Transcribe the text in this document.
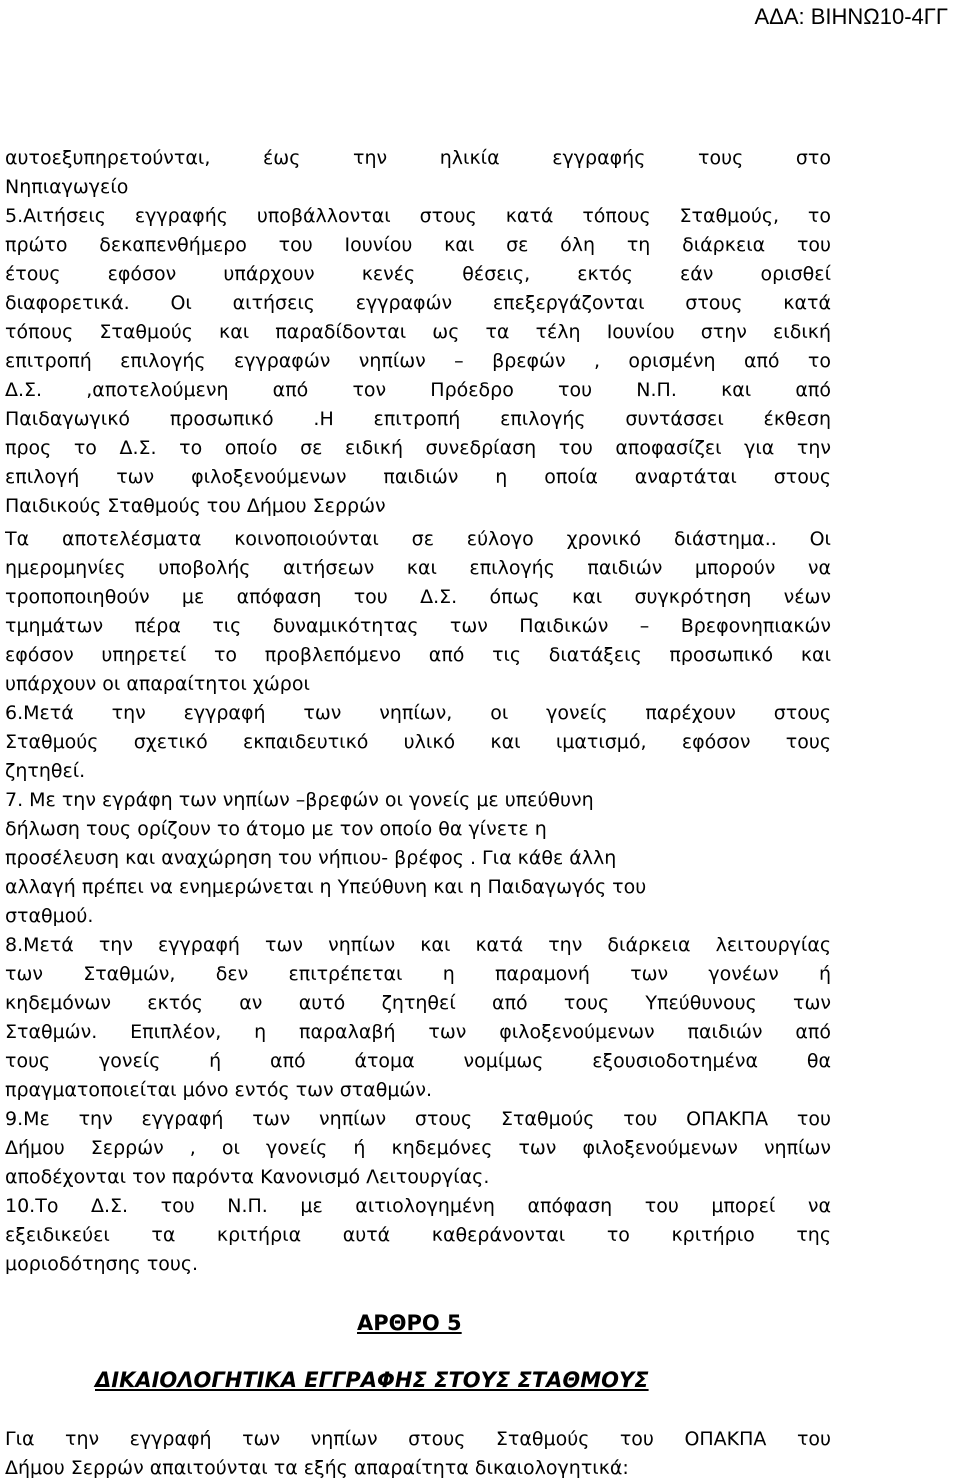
ΑΔΑ: ΒΙΗΝΩ10-4ΓΓ
αυτοεξυπηρετούνται, έως την ηλικία εγγραφής τους στο
Νηπιαγωγείο
5.Αιτήσεις εγγραφής υποβάλλονται στους κατά τόπους Σταθμούς, το
πρώτο δεκαπενθήμερο του Ιουνίου και σε όλη τη διάρκεια του
έτους εφόσον υπάρχουν κενές θέσεις, εκτός εάν ορισθεί
διαφορετικά. Οι αιτήσεις εγγραφών επεξεργάζονται στους κατά
τόπους Σταθμούς και παραδίδονται ως τα τέλη Ιουνίου στην ειδική
επιτροπή επιλογής εγγραφών νηπίων – βρεφών , ορισμένη από το
Δ.Σ. ,αποτελούμενη από τον Πρόεδρο του Ν.Π. και από
Παιδαγωγικό προσωπικό .Η επιτροπή επιλογής συντάσσει έκθεση
προς το Δ.Σ. το οποίο σε ειδική συνεδρίαση του αποφασίζει για την
επιλογή των φιλοξενούμενων παιδιών η οποία αναρτάται στους
Παιδικούς Σταθμούς του Δήμου Σερρών
Τα αποτελέσματα κοινοποιούνται σε εύλογο χρονικό διάστημα.. Οι
ημερομηνίες υποβολής αιτήσεων και επιλογής παιδιών μπορούν να
τροποποιηθούν με απόφαση του Δ.Σ. όπως και συγκρότηση νέων
τμημάτων πέρα τις δυναμικότητας των Παιδικών – Βρεφονηπιακών
εφόσον υπηρετεί το προβλεπόμενο από τις διατάξεις προσωπικό και
υπάρχουν οι απαραίτητοι χώροι
6.Μετά την εγγραφή των νηπίων, οι γονείς παρέχουν στους
Σταθμούς σχετικό εκπαιδευτικό υλικό και ιματισμό, εφόσον τους
ζητηθεί.
7. Με την εγράφη των νηπίων –βρεφών οι γονείς με υπεύθυνη
δήλωση τους ορίζουν το άτομο με τον οποίο θα γίνετε η
προσέλευση και αναχώρηση του νήπιου- βρέφος . Για κάθε άλλη
αλλαγή πρέπει να ενημερώνεται η Υπεύθυνη και η Παιδαγωγός του
σταθμού.
8.Μετά την εγγραφή των νηπίων και κατά την διάρκεια λειτουργίας
των Σταθμών, δεν επιτρέπεται η παραμονή των γονέων ή
κηδεμόνων εκτός αν αυτό ζητηθεί από τους Υπεύθυνους των
Σταθμών. Επιπλέον, η παραλαβή των φιλοξενούμενων παιδιών από
τους γονείς ή από άτομα νομίμως εξουσιοδοτημένα θα
πραγματοποιείται μόνο εντός των σταθμών.
9.Με την εγγραφή των νηπίων στους Σταθμούς του ΟΠΑΚΠΑ του
Δήμου Σερρών , οι γονείς ή κηδεμόνες των φιλοξενούμενων νηπίων
αποδέχονται τον παρόντα Κανονισμό Λειτουργίας.
10.Το Δ.Σ. του Ν.Π. με αιτιολογημένη απόφαση του μπορεί να
εξειδικεύει τα κριτήρια αυτά καθεράνονται το κριτήριο της
μοριοδότησης τους.
ΑΡΘΡΟ 5
ΔΙΚΑΙΟΛΟΓΗΤΙΚΑ ΕΓΓΡΑΦΗΣ ΣΤΟΥΣ ΣΤΑΘΜΟΥΣ
Για την εγγραφή των νηπίων στους Σταθμούς του ΟΠΑΚΠΑ του
Δήμου Σερρών απαιτούνται τα εξής απαραίτητα δικαιολογητικά:
